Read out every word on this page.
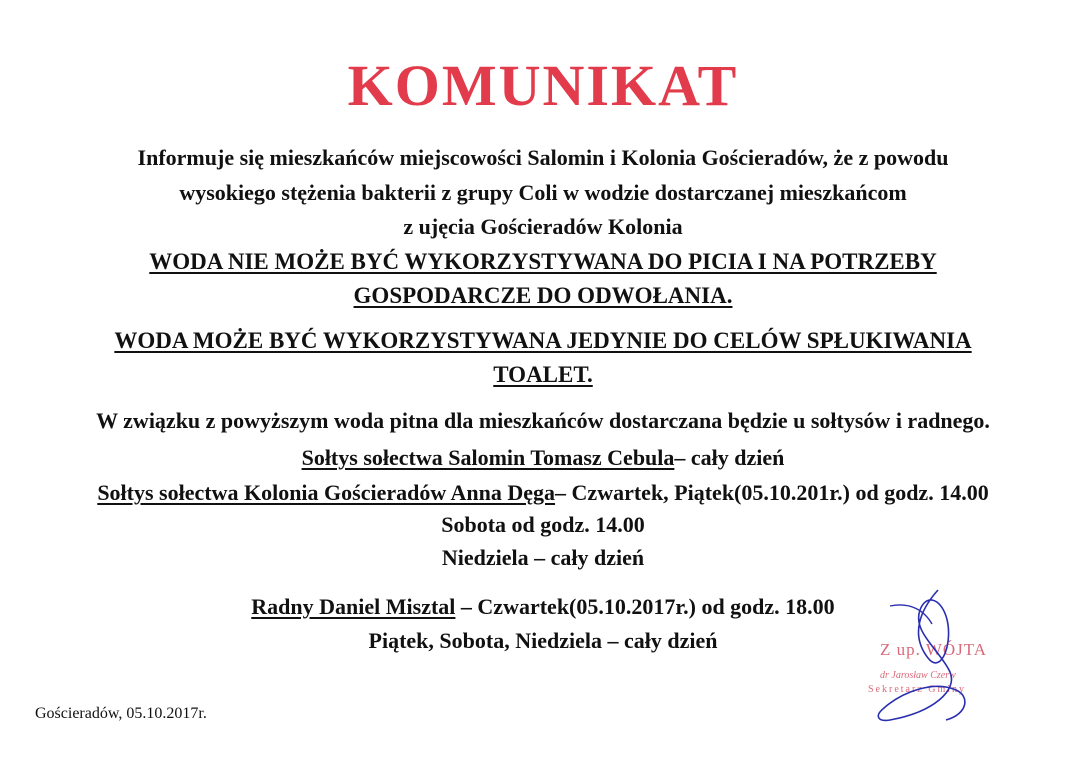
KOMUNIKAT
Informuje się mieszkańców miejscowości Salomin i Kolonia Gościeradów, że z powodu
wysokiego stężenia bakterii z grupy Coli w wodzie dostarczanej mieszkańcom
z ujęcia Gościeradów Kolonia
WODA NIE MOŻE BYĆ WYKORZYSTYWANA DO PICIA I NA POTRZEBY
GOSPODARCZE DO ODWOŁANIA.
WODA MOŻE BYĆ WYKORZYSTYWANA JEDYNIE DO CELÓW SPŁUKIWANIA
TOALET.
W związku z powyższym woda pitna dla mieszkańców dostarczana będzie u sołtysów i radnego.
Sołtys sołectwa Salomin Tomasz Cebula– cały dzień
Sołtys sołectwa Kolonia Gościeradów Anna Dęga– Czwartek, Piątek(05.10.201r.) od godz. 14.00
Sobota od godz. 14.00
Niedziela – cały dzień
Radny Daniel Misztal – Czwartek(05.10.2017r.) od godz. 18.00
Piątek, Sobota, Niedziela – cały dzień
Gościeradów, 05.10.2017r.
Z up. WÓJTA
dr Jarosław Czerw
Sekretarz Gminy
